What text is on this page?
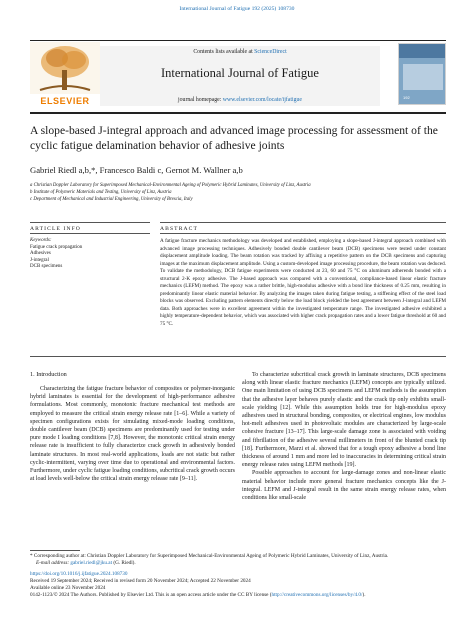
International Journal of Fatigue 192 (2025) 108730
ELSEVIER
Contents lists available at ScienceDirect
International Journal of Fatigue
journal homepage: www.elsevier.com/locate/ijfatigue	192
A slope-based J-integral approach and advanced image processing for assessment of the cyclic fatigue delamination behavior of adhesive joints
Gabriel Riedl a,b,*, Francesco Baldi c, Gernot M. Wallner a,b
a Christian Doppler Laboratory for Superimposed Mechanical-Environmental Ageing of Polymeric Hybrid Laminates, University of Linz, Austria
b Institute of Polymeric Materials and Testing, University of Linz, Austria
c Department of Mechanical and Industrial Engineering, University of Brescia, Italy
ARTICLE INFO	ABSTRACT
Keywords:
Fatigue crack propagation
Adhesives
J-integral
DCB specimens
A fatigue fracture mechanics methodology was developed and established, employing a slope-based J-integral approach combined with advanced image processing techniques. Adhesively bonded double cantilever beam (DCB) specimens were tested under constant displacement amplitude loading. The beam rotation was tracked by affixing a repetitive pattern on the DCB specimens and capturing images at the maximum displacement amplitude. Using a custom-developed image processing procedure, the beam rotation was deduced. To validate the methodology, DCB fatigue experiments were conducted at 23, 60 and 75 °C on aluminum adherends bonded with a structural 2-K epoxy adhesive. The J-based approach was compared with a conventional, compliance-based linear elastic fracture mechanics (LEFM) method. The epoxy was a rather brittle, high-modulus adhesive with a bond line thickness of 0.25 mm, resulting in predominantly linear elastic material behavior. By analyzing the images taken during fatigue testing, a stiffening effect of the steel load blocks was observed. Excluding pattern elements directly below the load block yielded the best agreement between J-integral and LEFM data. Both approaches were in excellent agreement within the investigated temperature range. The investigated adhesive exhibited a highly temperature-dependent behavior, which was associated with higher crack propagation rates and a lower fatigue threshold at 60 and 75 °C.
1. Introduction

Characterizing the fatigue fracture behavior of composites or polymer-inorganic hybrid laminates is essential for the development of high-performance adhesive formulations. Most commonly, monotonic fracture mechanical test methods are employed to measure the critical strain energy release rate [1–6]. While a variety of specimen configurations exists for simulating mixed-mode loading conditions, double cantilever beam (DCB) specimens are predominantly used for testing under pure mode I loading conditions [7,8]. However, the monotonic critical strain energy release rate is insufficient to fully characterize crack growth in adhesively bonded laminate structures. In most real-world applications, loads are not static but rather cyclic-intermittent, varying over time due to operational and environmental factors. Furthermore, under cyclic fatigue loading conditions, subcritical crack growth occurs at load levels well-below the critical strain energy release rate [9–11].

To characterize subcritical crack growth in laminate structures, DCB specimens along with linear elastic fracture mechanics (LEFM) concepts are typically utilized. One main limitation of using DCB specimens and LEFM methods is the assumption that the adhesive layer behaves purely elastic and the crack tip only exhibits small-scale yielding [12]. While this assumption holds true for high-modulus epoxy adhesives used in structural bonding, composites, or electrical engines, low modulus hot-melt adhesives used in photovoltaic modules are characterized by large-scale cohesive fracture [13–17]. This large-scale damage zone is associated with voiding and fibrillation of the adhesive several millimeters in front of the blunted crack tip [18]. Furthermore, Marzi et al. showed that for a tough epoxy adhesive a bond line thickness of around 1 mm and more led to inaccuracies in determining critical strain energy release rates using LEFM methods [19].

Possible approaches to account for large-damage zones and non-linear elastic material behavior include more general fracture mechanics concepts like the J-integral. LEFM and J-integral result in the same strain energy release rates, when conditions like small-scale

* Corresponding author at: Christian Doppler Laboratory for Superimposed Mechanical-Environmental Ageing of Polymeric Hybrid Laminates, University of Linz, Austria.
E-mail address: gabriel.riedl@jku.at (G. Riedl).
https://doi.org/10.1016/j.ijfatigue.2024.108730
Received 19 September 2024; Received in revised form 20 November 2024; Accepted 22 November 2024
Available online 23 November 2024
0142-1123/© 2024 The Authors. Published by Elsevier Ltd. This is an open access article under the CC BY license (http://creativecommons.org/licenses/by/4.0/).
